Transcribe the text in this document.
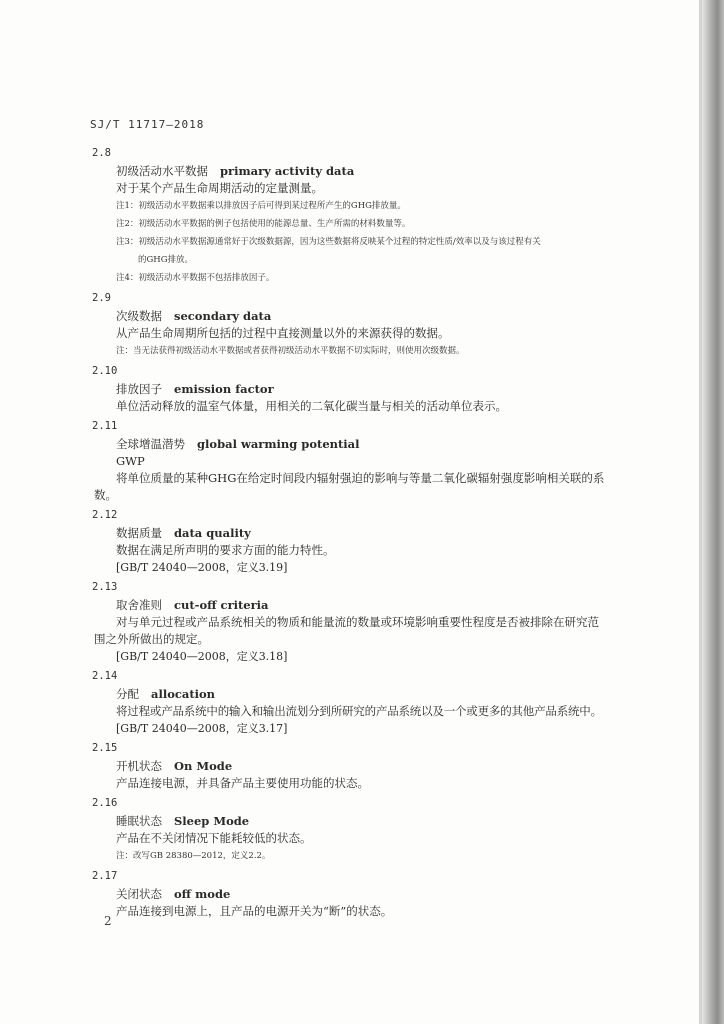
SJ/T 11717—2018
2.8
初级活动水平数据 primary activity data
对于某个产品生命周期活动的定量测量。
注1：初级活动水平数据乘以排放因子后可得到某过程所产生的GHG排放量。
注2：初级活动水平数据的例子包括使用的能源总量、生产所需的材料数量等。
注3：初级活动水平数据源通常好于次级数据源，因为这些数据将反映某个过程的特定性质/效率以及与该过程有关
的GHG排放。
注4：初级活动水平数据不包括排放因子。
2.9
次级数据 secondary data
从产品生命周期所包括的过程中直接测量以外的来源获得的数据。
注：当无法获得初级活动水平数据或者获得初级活动水平数据不切实际时，则使用次级数据。
2.10
排放因子 emission factor
单位活动释放的温室气体量，用相关的二氧化碳当量与相关的活动单位表示。
2.11
全球增温潜势 global warming potential
GWP
将单位质量的某种GHG在给定时间段内辐射强迫的影响与等量二氧化碳辐射强度影响相关联的系
数。
2.12
数据质量 data quality
数据在满足所声明的要求方面的能力特性。
[GB/T 24040—2008，定义3.19]
2.13
取舍准则 cut-off criteria
对与单元过程或产品系统相关的物质和能量流的数量或环境影响重要性程度是否被排除在研究范
围之外所做出的规定。
[GB/T 24040—2008，定义3.18]
2.14
分配 allocation
将过程或产品系统中的输入和输出流划分到所研究的产品系统以及一个或更多的其他产品系统中。
[GB/T 24040—2008，定义3.17]
2.15
开机状态 On Mode
产品连接电源，并具备产品主要使用功能的状态。
2.16
睡眠状态 Sleep Mode
产品在不关闭情况下能耗较低的状态。
注：改写GB 28380—2012，定义2.2。
2.17
关闭状态 off mode
产品连接到电源上，且产品的电源开关为“断”的状态。
2
